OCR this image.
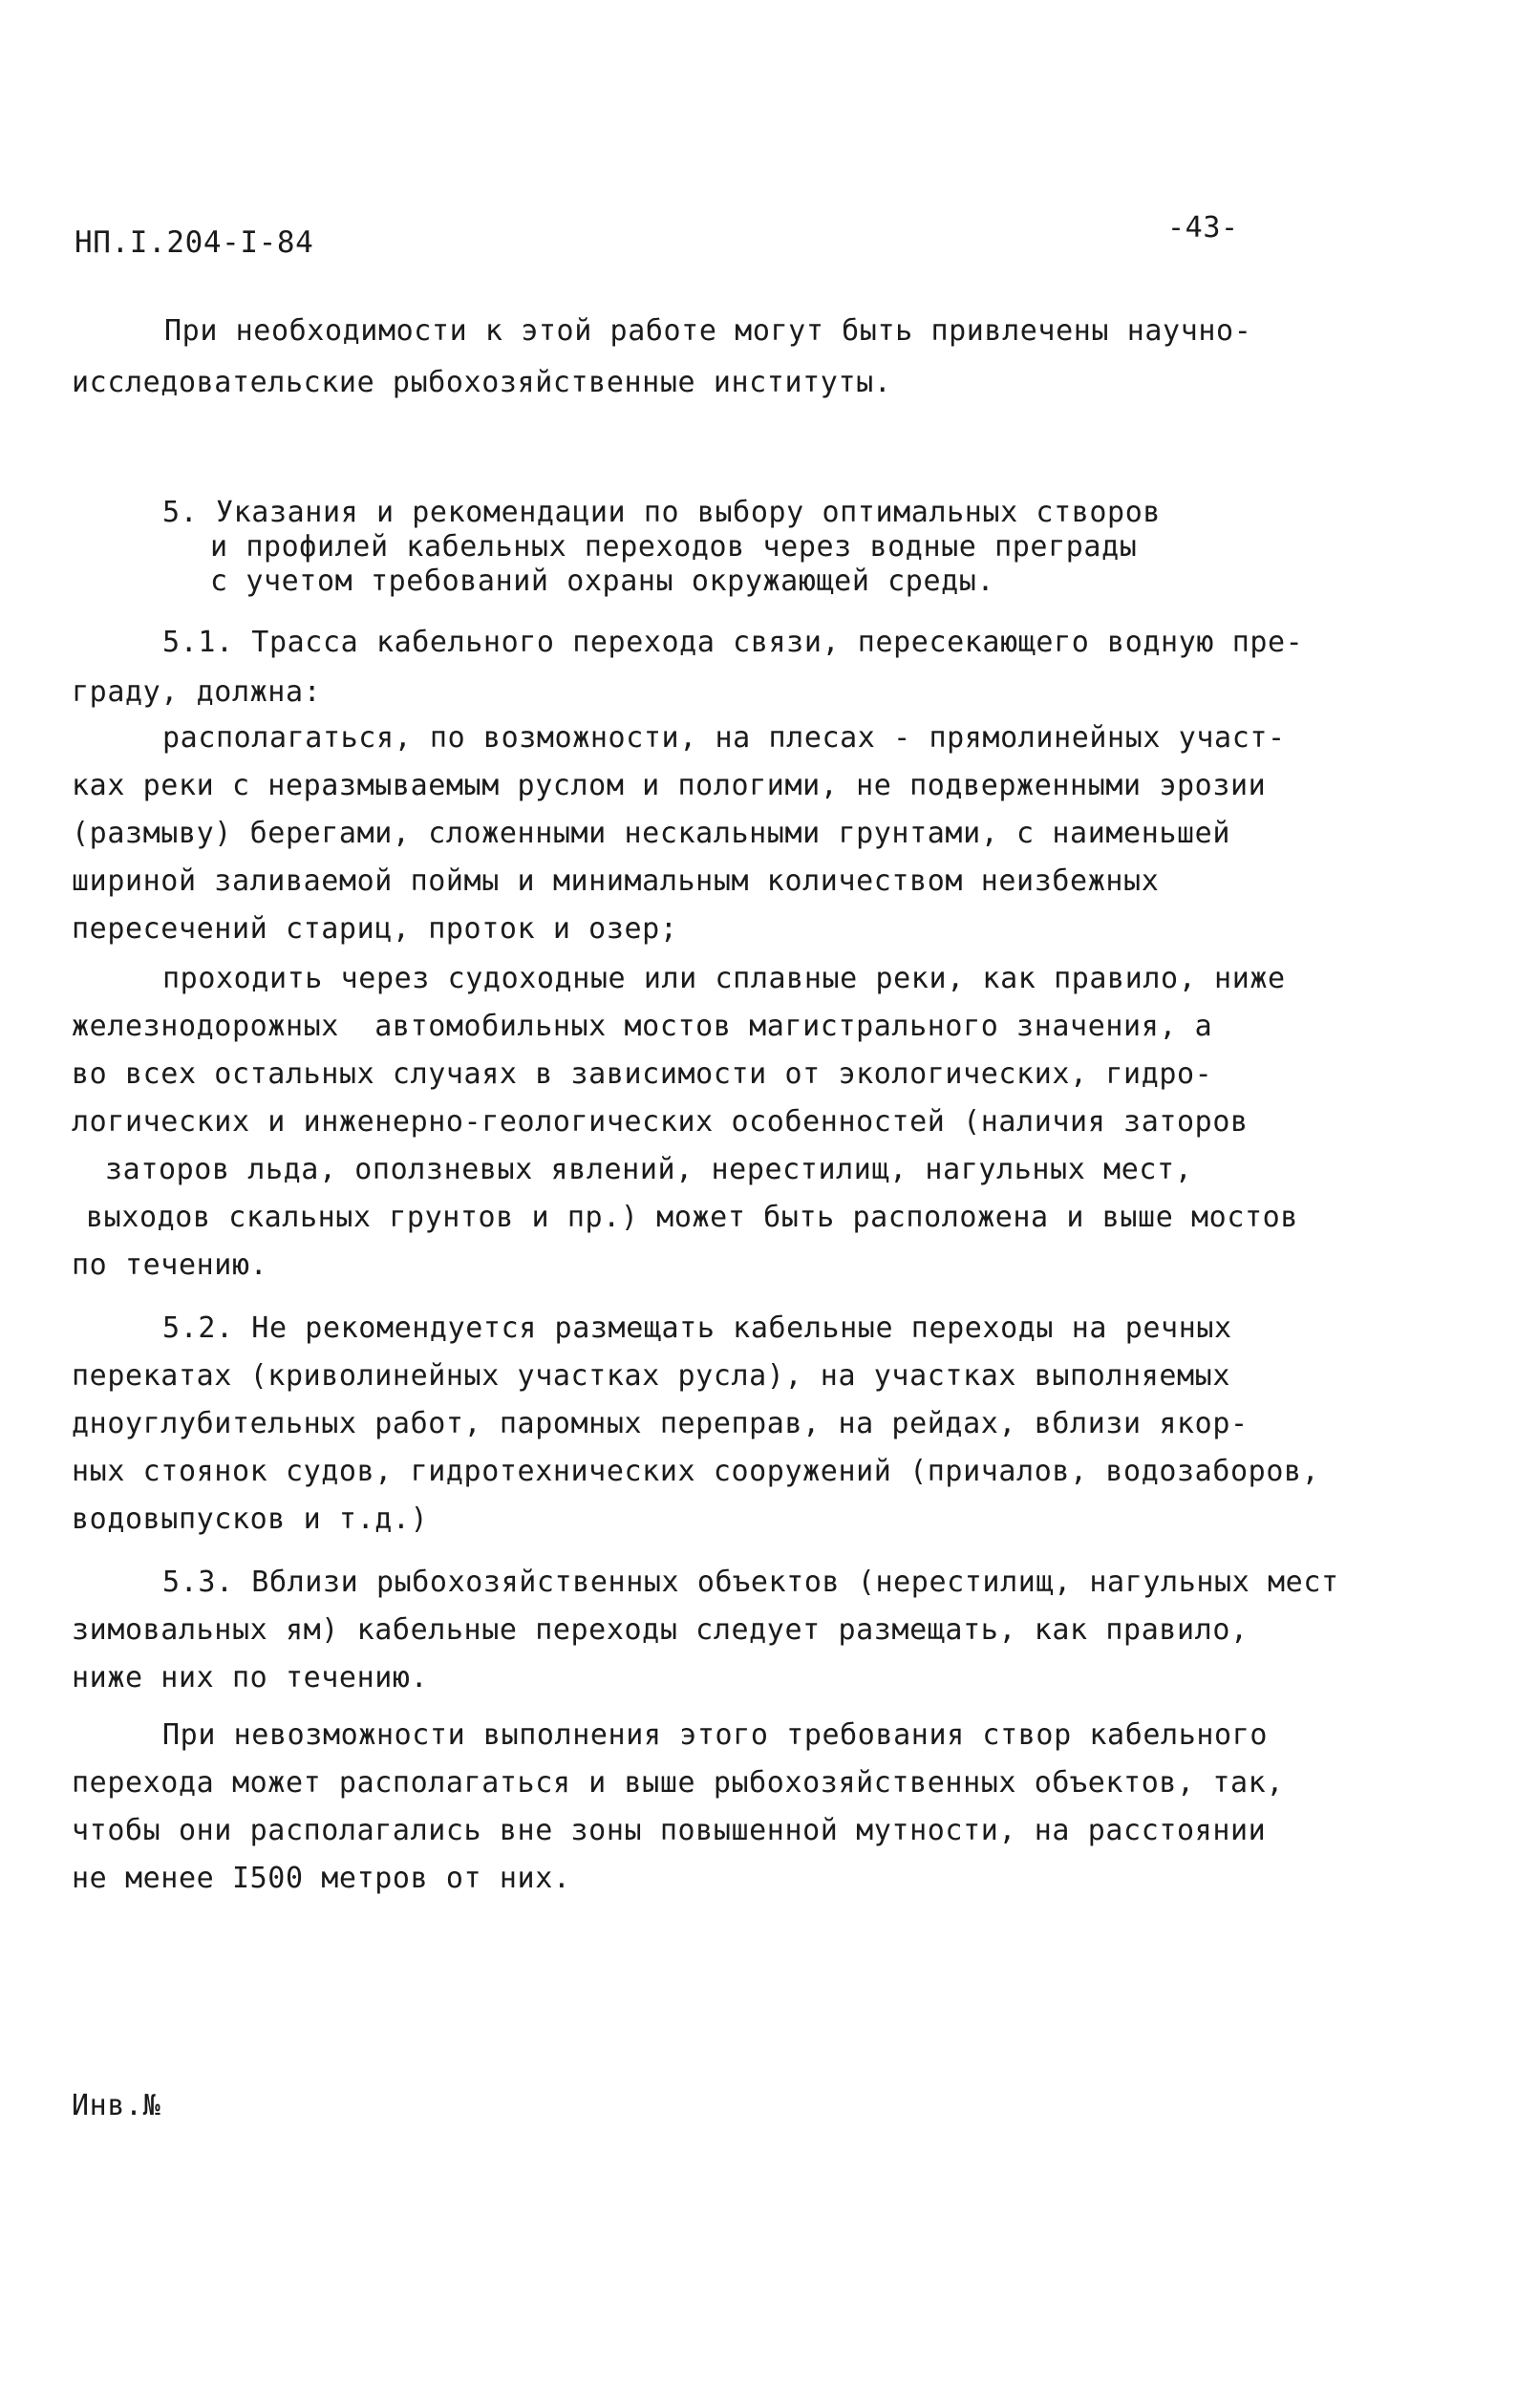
НП.I.204-I-84	-43-
При необходимости к этой работе могут быть привлечены научно-
исследовательские рыбохозяйственные институты.
5. Указания и рекомендации по выбору оптимальных створов
и профилей кабельных переходов через водные преграды
с учетом требований охраны окружающей среды.
5.1. Трасса кабельного перехода связи, пересекающего водную пре-
граду, должна:
располагаться, по возможности, на плесах - прямолинейных участ-
ках реки с неразмываемым руслом и пологими, не подверженными эрозии
(размыву) берегами, сложенными нескальными грунтами, с наименьшей
шириной заливаемой поймы и минимальным количеством неизбежных
пересечений стариц, проток и озер;
проходить через судоходные или сплавные реки, как правило, ниже
железнодорожных  автомобильных мостов магистрального значения, а
во всех остальных случаях в зависимости от экологических, гидро-
логических и инженерно-геологических особенностей (наличия заторов
заторов льда, оползневых явлений, нерестилищ, нагульных мест,
выходов скальных грунтов и пр.) может быть расположена и выше мостов
по течению.
5.2. Не рекомендуется размещать кабельные переходы на речных
перекатах (криволинейных участках русла), на участках выполняемых
дноуглубительных работ, паромных переправ, на рейдах, вблизи якор-
ных стоянок судов, гидротехнических сооружений (причалов, водозаборов,
водовыпусков и т.д.)
5.3. Вблизи рыбохозяйственных объектов (нерестилищ, нагульных мест
зимовальных ям) кабельные переходы следует размещать, как правило,
ниже них по течению.
При невозможности выполнения этого требования створ кабельного
перехода может располагаться и выше рыбохозяйственных объектов, так,
чтобы они располагались вне зоны повышенной мутности, на расстоянии
не менее I500 метров от них.
Инв.№
